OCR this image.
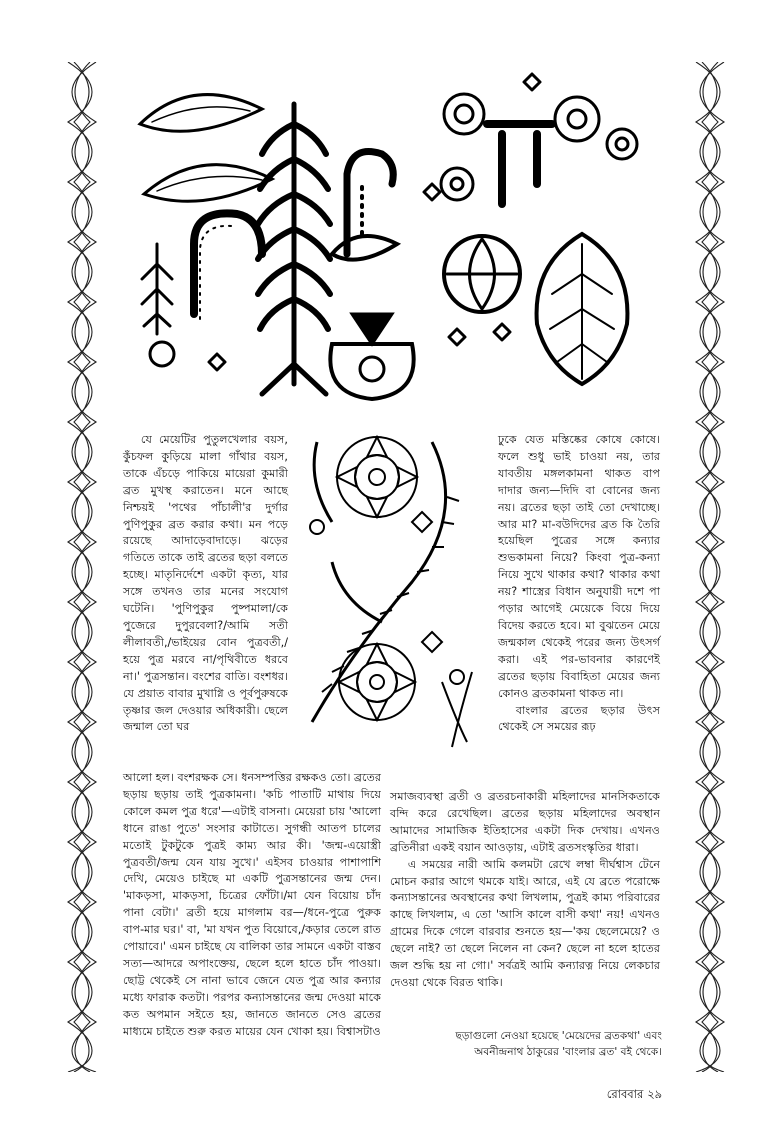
যে মেয়েটির পুতুলখেলার বয়স, কুঁচফল কুড়িয়ে মালা গাঁথার বয়স, তাকে এঁচড়ে পাকিয়ে মায়েরা কুমারী ব্রত মুখস্থ করাতেন। মনে আছে নিশ্চয়ই 'পথের পাঁচালী'র দুর্গার পুণিপুকুর ব্রত করার কথা। মন পড়ে রয়েছে আদাড়েবাদাড়ে। ঝড়ের গতিতে তাকে তাই ব্রতের ছড়া বলতে হচ্ছে। মাতৃনির্দেশে একটা কৃত্য, যার সঙ্গে তখনও তার মনের সংযোগ ঘটেনি। 'পুণিপুকুর পুষ্পমালা/কে পুজেরে দুপুরবেলা?/আমি সতী লীলাবতী,/ভাইয়ের বোন পুত্রবতী,/হয়ে পুত্র মরবে না/পৃথিবীতে ধরবে না।' পুত্রসন্তান। বংশের বাতি। বংশধর। যে প্রয়াত বাবার মুখাগ্নি ও পূর্বপুরুষকে তৃষ্ণার জল দেওয়ার অধিকারী। ছেলে জন্মাল তো ঘর

ঢুকে যেত মস্তিষ্কের কোষে কোষে। ফলে শুধু ভাই চাওয়া নয়, তার যাবতীয় মঙ্গলকামনা থাকত বাপ দাদার জন্য—দিদি বা বোনের জন্য নয়। ব্রতের ছড়া তাই তো দেখাচ্ছে। আর মা? মা-বউদিদের ব্রত কি তৈরি হয়েছিল পুত্রের সঙ্গে কন্যার শুভকামনা নিয়ে? কিংবা পুত্র-কন্যা নিয়ে সুখে থাকার কথা? থাকার কথা নয়? শাস্ত্রের বিধান অনুযায়ী দশে পা পড়ার আগেই মেয়েকে বিয়ে দিয়ে বিদেয় করতে হবে। মা বুঝতেন মেয়ে জন্মকাল থেকেই পরের জন্য উৎসর্গ করা। এই পর-ভাবনার কারণেই ব্রতের ছড়ায় বিবাহিতা মেয়ের জন্য কোনও ব্রতকামনা থাকত না।

বাংলার ব্রতের ছড়ার উৎস থেকেই সে সময়ের রূঢ়

আলো হল। বংশরক্ষক সে। ধনসম্পত্তির রক্ষকও তো। ব্রতের ছড়ায় ছড়ায় তাই পুত্রকামনা। 'কচি পাতাটি মাথায় দিয়ে কোলে কমল পুত্র ধরে'—এটাই বাসনা। মেয়েরা চায় 'আলো ধানে রাঙা পুতে' সংসার কাটাতে। সুগন্ধী আতপ চালের মতোই টুকটুকে পুত্রই কাম্য আর কী। 'জন্ম-এয়োস্ত্রী পুত্রবতী/জন্ম যেন যায় সুখে।' এইসব চাওয়ার পাশাপাশি দেখি, মেয়েও চাইছে মা একটি পুত্রসন্তানের জন্ম দেন। 'মাকড়সা, মাকড়সা, চিত্রের ফোঁটা।/মা যেন বিয়োয় চাঁদ পানা বেটা।' ব্রতী হয়ে মাগলাম বর—/ধনে-পুত্রে পুরুক বাপ-মার ঘর।' বা, 'মা যখন পুত বিয়োবে,/কড়ার তেলে রাত পোয়াবে।' এমন চাইছে যে বালিকা তার সামনে একটা বাস্তব সত্য—আদরে অপাংক্তেয়, ছেলে হলে হাতে চাঁদ পাওয়া। ছোট্ট থেকেই সে নানা ভাবে জেনে যেত পুত্র আর কন্যার মধ্যে ফারাক কতটা। পরপর কন্যাসন্তানের জন্ম দেওয়া মাকে কত অপমান সইতে হয়, জানতে জানতে সেও ব্রতের মাধ্যমে চাইতে শুরু করত মায়ের যেন খোকা হয়। বিশ্বাসটাও

সমাজব্যবস্থা ব্রতী ও ব্রতরচনাকারী মহিলাদের মানসিকতাকে বন্দি করে রেখেছিল। ব্রতের ছড়ায় মহিলাদের অবস্থান আমাদের সামাজিক ইতিহাসের একটা দিক দেখায়। এখনও ব্রতিনীরা একই বয়ান আওড়ায়, এটাই ব্রতসংস্কৃতির ধারা।

এ সময়ের নারী আমি কলমটা রেখে লম্বা দীর্ঘশ্বাস টেনে মোচন করার আগে থমকে যাই। আরে, এই যে ব্রতে পরোক্ষে কন্যাসন্তানের অবস্থানের কথা লিখলাম, পুত্রই কাম্য পরিবারের কাছে লিখলাম, এ তো 'আসি কালে বাসী কথা' নয়! এখনও গ্রামের দিকে গেলে বারবার শুনতে হয়—'কয় ছেলেমেয়ে? ও ছেলে নাই? তা ছেলে নিলেন না কেন? ছেলে না হলে হাতের জল শুদ্ধি হয় না গো।' সর্বত্রই আমি কন্যারত্ন নিয়ে লেকচার দেওয়া থেকে বিরত থাকি।

ছড়াগুলো নেওয়া হয়েছে 'মেয়েদের ব্রতকথা' এবং অবনীন্দ্রনাথ ঠাকুরের 'বাংলার ব্রত' বই থেকে।

রোববার ২৯
